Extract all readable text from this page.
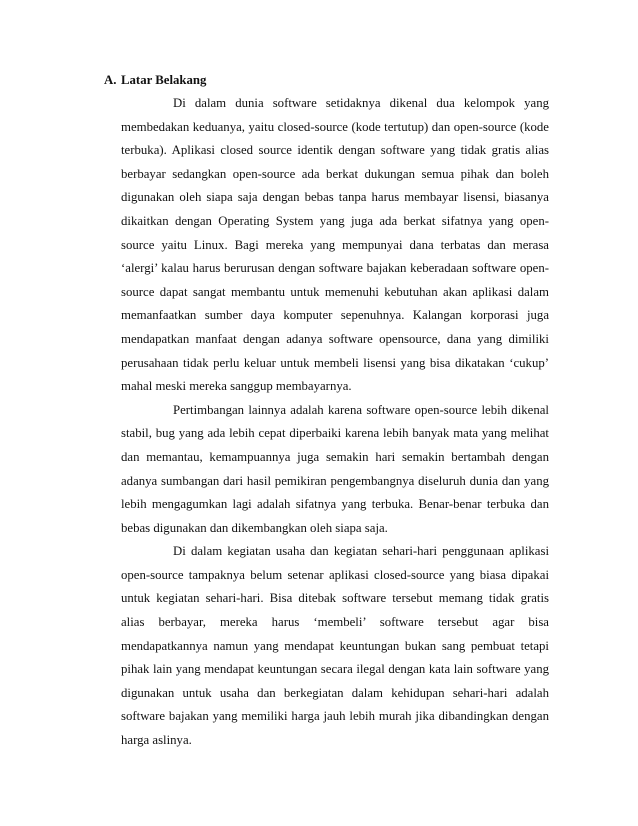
A. Latar Belakang

Di dalam dunia software setidaknya dikenal dua kelompok yang membedakan keduanya, yaitu closed-source (kode tertutup) dan open-source (kode terbuka). Aplikasi closed source identik dengan software yang tidak gratis alias berbayar sedangkan open-source ada berkat dukungan semua pihak dan boleh digunakan oleh siapa saja dengan bebas tanpa harus membayar lisensi, biasanya dikaitkan dengan Operating System yang juga ada berkat sifatnya yang open-source yaitu Linux. Bagi mereka yang mempunyai dana terbatas dan merasa ‘alergi’ kalau harus berurusan dengan software bajakan keberadaan software open-source dapat sangat membantu untuk memenuhi kebutuhan akan aplikasi dalam memanfaatkan sumber daya komputer sepenuhnya. Kalangan korporasi juga mendapatkan manfaat dengan adanya software opensource, dana yang dimiliki perusahaan tidak perlu keluar untuk membeli lisensi yang bisa dikatakan ‘cukup’ mahal meski mereka sanggup membayarnya.

Pertimbangan lainnya adalah karena software open-source lebih dikenal stabil, bug yang ada lebih cepat diperbaiki karena lebih banyak mata yang melihat dan memantau, kemampuannya juga semakin hari semakin bertambah dengan adanya sumbangan dari hasil pemikiran pengembangnya diseluruh dunia dan yang lebih mengagumkan lagi adalah sifatnya yang terbuka. Benar-benar terbuka dan bebas digunakan dan dikembangkan oleh siapa saja.

Di dalam kegiatan usaha dan kegiatan sehari-hari penggunaan aplikasi open-source tampaknya belum setenar aplikasi closed-source yang biasa dipakai untuk kegiatan sehari-hari. Bisa ditebak software tersebut memang tidak gratis alias berbayar, mereka harus ‘membeli’ software tersebut agar bisa mendapatkannya namun yang mendapat keuntungan bukan sang pembuat tetapi pihak lain yang mendapat keuntungan secara ilegal dengan kata lain software yang digunakan untuk usaha dan berkegiatan dalam kehidupan sehari-hari adalah software bajakan yang memiliki harga jauh lebih murah jika dibandingkan dengan harga aslinya.
